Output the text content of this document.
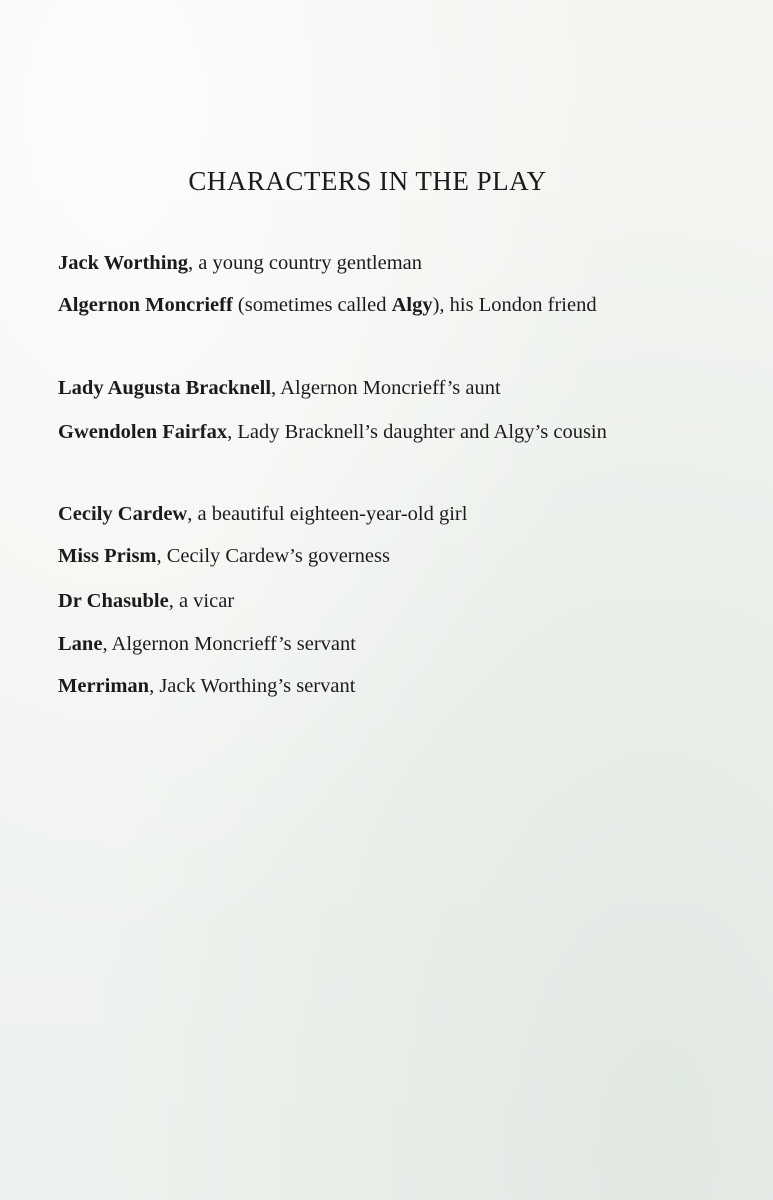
CHARACTERS IN THE PLAY
Jack Worthing, a young country gentleman
Algernon Moncrieff (sometimes called Algy), his London friend
Lady Augusta Bracknell, Algernon Moncrieff’s aunt
Gwendolen Fairfax, Lady Bracknell’s daughter and Algy’s cousin
Cecily Cardew, a beautiful eighteen-year-old girl
Miss Prism, Cecily Cardew’s governess
Dr Chasuble, a vicar
Lane, Algernon Moncrieff’s servant
Merriman, Jack Worthing’s servant
